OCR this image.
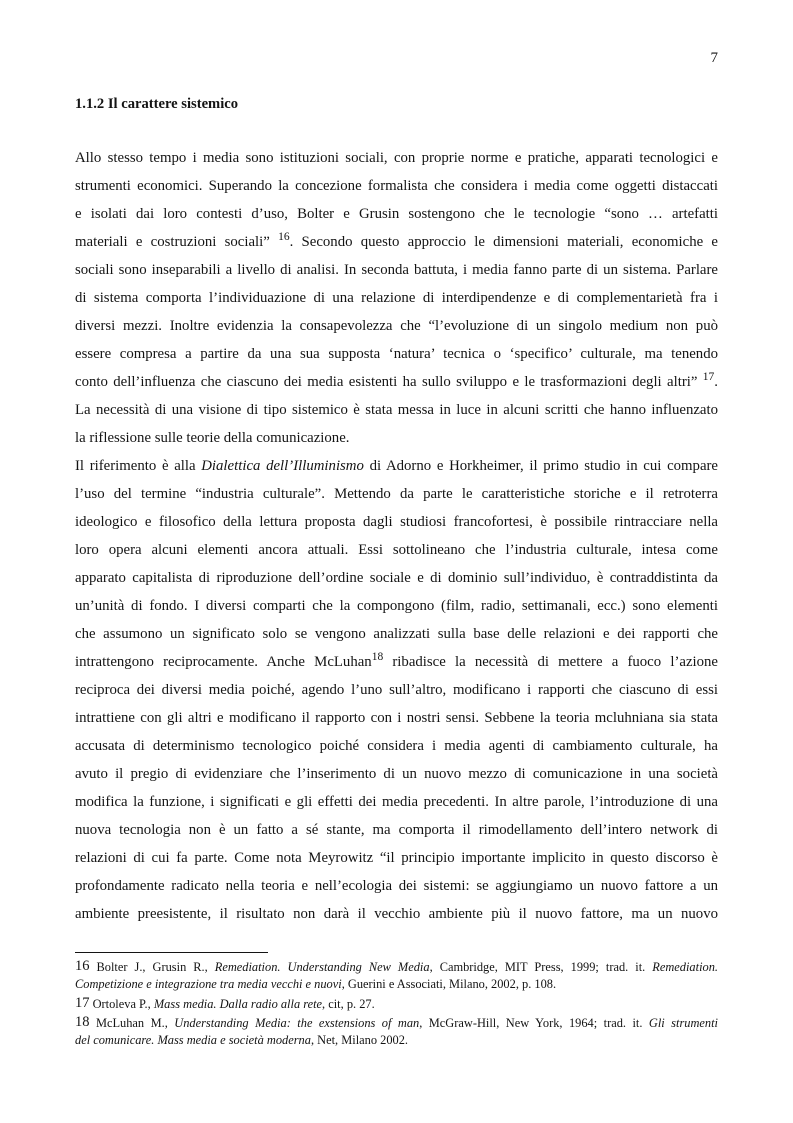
7
1.1.2 Il carattere sistemico
Allo stesso tempo i media sono istituzioni sociali, con proprie norme e pratiche, apparati tecnologici e
strumenti economici. Superando la concezione formalista che considera i media come oggetti distaccati
e isolati dai loro contesti d’uso, Bolter e Grusin sostengono che le tecnologie “sono … artefatti
materiali e costruzioni sociali” $^{16}$. Secondo questo approccio le dimensioni materiali, economiche e
sociali sono inseparabili a livello di analisi. In seconda battuta, i media fanno parte di un sistema. Parlare
di sistema comporta l’individuazione di una relazione di interdipendenze e di complementarietà fra i
diversi mezzi. Inoltre evidenzia la consapevolezza che “l’evoluzione di un singolo medium non può
essere compresa a partire da una sua supposta ‘natura’ tecnica o ‘specifico’ culturale, ma tenendo
conto dell’influenza che ciascuno dei media esistenti ha sullo sviluppo e le trasformazioni degli altri” $^{17}$.
La necessità di una visione di tipo sistemico è stata messa in luce in alcuni scritti che hanno influenzato
la riflessione sulle teorie della comunicazione.
Il riferimento è alla Dialettica dell’Illuminismo di Adorno e Horkheimer, il primo studio in cui compare
l’uso del termine “industria culturale”. Mettendo da parte le caratteristiche storiche e il retroterra
ideologico e filosofico della lettura proposta dagli studiosi francofortesi, è possibile rintracciare nella
loro opera alcuni elementi ancora attuali. Essi sottolineano che l’industria culturale, intesa come
apparato capitalista di riproduzione dell’ordine sociale e di dominio sull’individuo, è contraddistinta da
un’unità di fondo. I diversi comparti che la compongono (film, radio, settimanali, ecc.) sono elementi
che assumono un significato solo se vengono analizzati sulla base delle relazioni e dei rapporti che
intrattengono reciprocamente. Anche McLuhan$^{18}$ ribadisce la necessità di mettere a fuoco l’azione
reciproca dei diversi media poiché, agendo l’uno sull’altro, modificano i rapporti che ciascuno di essi
intrattiene con gli altri e modificano il rapporto con i nostri sensi. Sebbene la teoria mcluhniana sia stata
accusata di determinismo tecnologico poiché considera i media agenti di cambiamento culturale, ha
avuto il pregio di evidenziare che l’inserimento di un nuovo mezzo di comunicazione in una società
modifica la funzione, i significati e gli effetti dei media precedenti. In altre parole, l’introduzione di una
nuova tecnologia non è un fatto a sé stante, ma comporta il rimodellamento dell’intero network di
relazioni di cui fa parte. Come nota Meyrowitz “il principio importante implicito in questo discorso è
profondamente radicato nella teoria e nell’ecologia dei sistemi: se aggiungiamo un nuovo fattore a un
ambiente preesistente, il risultato non darà il vecchio ambiente più il nuovo fattore, ma un nuovo
16 Bolter J., Grusin R., Remediation. Understanding New Media, Cambridge, MIT Press, 1999; trad. it. Remediation.
Competizione e integrazione tra media vecchi e nuovi, Guerini e Associati, Milano, 2002, p. 108.
17 Ortoleva P., Mass media. Dalla radio alla rete, cit, p. 27.
18 McLuhan M., Understanding Media: the exstensions of man, McGraw-Hill, New York, 1964; trad. it. Gli strumenti
del comunicare. Mass media e società moderna, Net, Milano 2002.
